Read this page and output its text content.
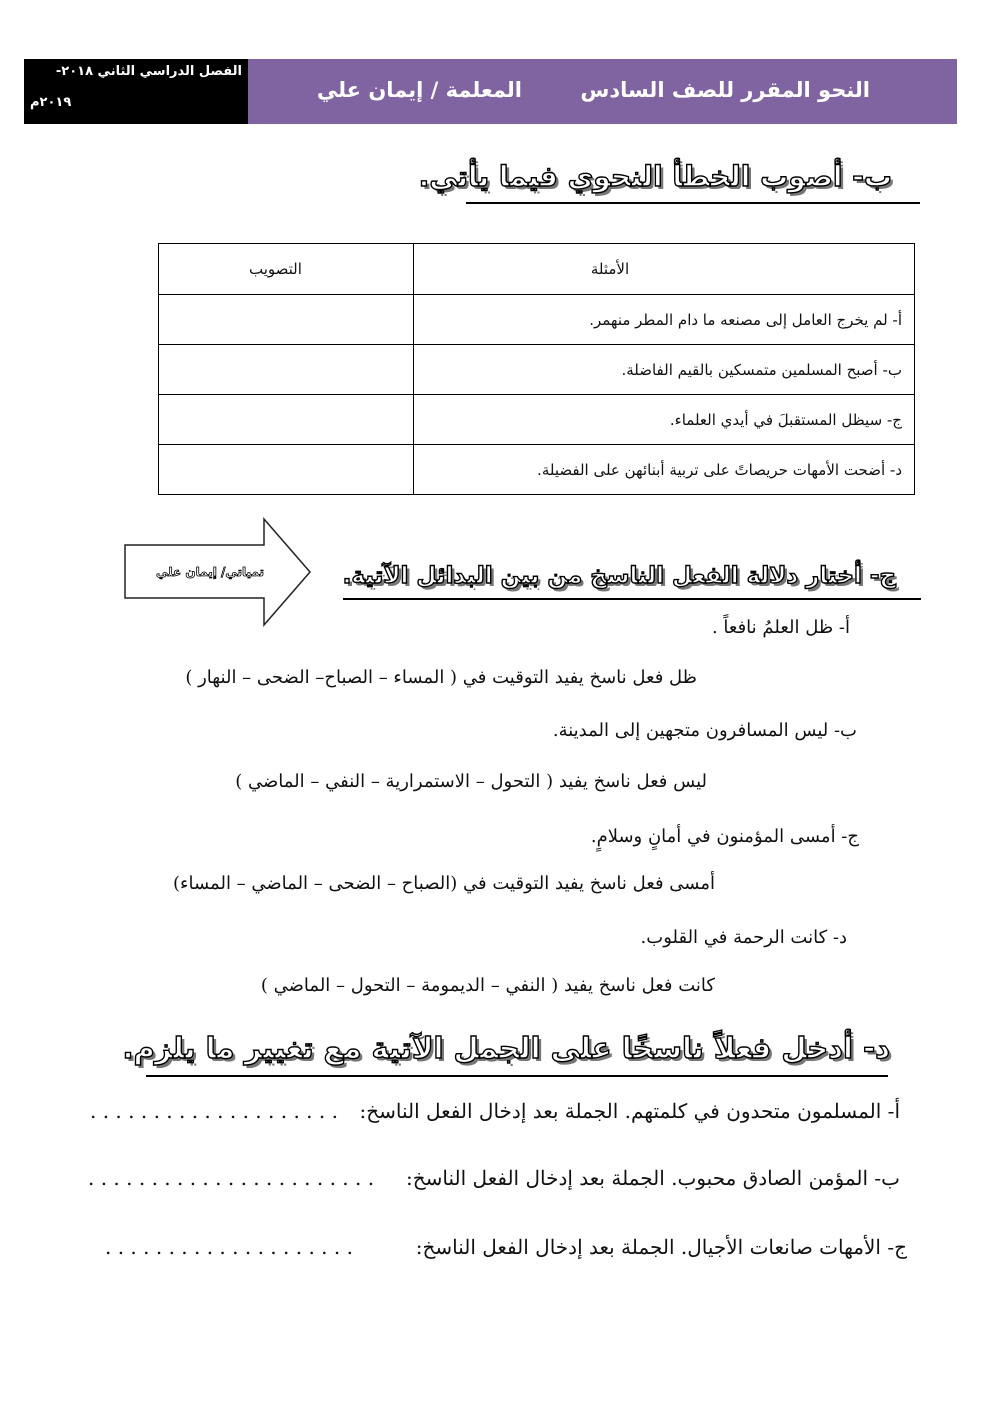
الفصل الدراسي الثاني ٢٠١٨-
٢٠١٩م
النحو المقرر للصف السادس
المعلمة / إيمان علي
ب- أصوب الخطأ النحوي فيما يأتي.
الأمثلة	التصويب
أ- لم يخرج العامل إلى مصنعه ما دام المطر منهمر.	
ب- أصبح المسلمين متمسكين بالقيم الفاضلة.	
ج- سيظل المستقبلَ في أيدي العلماء.	
د- أضحت الأمهات حريصاتً على تربية أبنائهن على الفضيلة.	
تمياتي/ إيمان علي	ج- أختار دلالة الفعل الناسخ من بين البدائل الآتية.
أ- ظل العلمُ نافعاً .
ظل فعل ناسخ يفيد التوقيت في ( المساء – الصباح– الضحى – النهار )
ب- ليس المسافرون متجهين إلى المدينة.
ليس فعل ناسخ يفيد ( التحول – الاستمرارية – النفي – الماضي )
ج- أمسى المؤمنون في أمانٍ وسلامٍ.
أمسى فعل ناسخ يفيد التوقيت في (الصباح – الضحى – الماضي – المساء)
د- كانت الرحمة في القلوب.
كانت فعل ناسخ يفيد ( النفي – الديمومة – التحول – الماضي )
د- أدخل فعلاً ناسخًا على الجمل الآتية مع تغيير ما يلزم.
أ- المسلمون متحدون في كلمتهم. الجملة بعد إدخال الفعل الناسخ:
. . . . . . . . . . . . . . . . . . . .
ب- المؤمن الصادق محبوب. الجملة بعد إدخال الفعل الناسخ:
. . . . . . . . . . . . . . . . . . . . . . .
ج- الأمهات صانعات الأجيال. الجملة بعد إدخال الفعل الناسخ:
. . . . . . . . . . . . . . . . . . . .
